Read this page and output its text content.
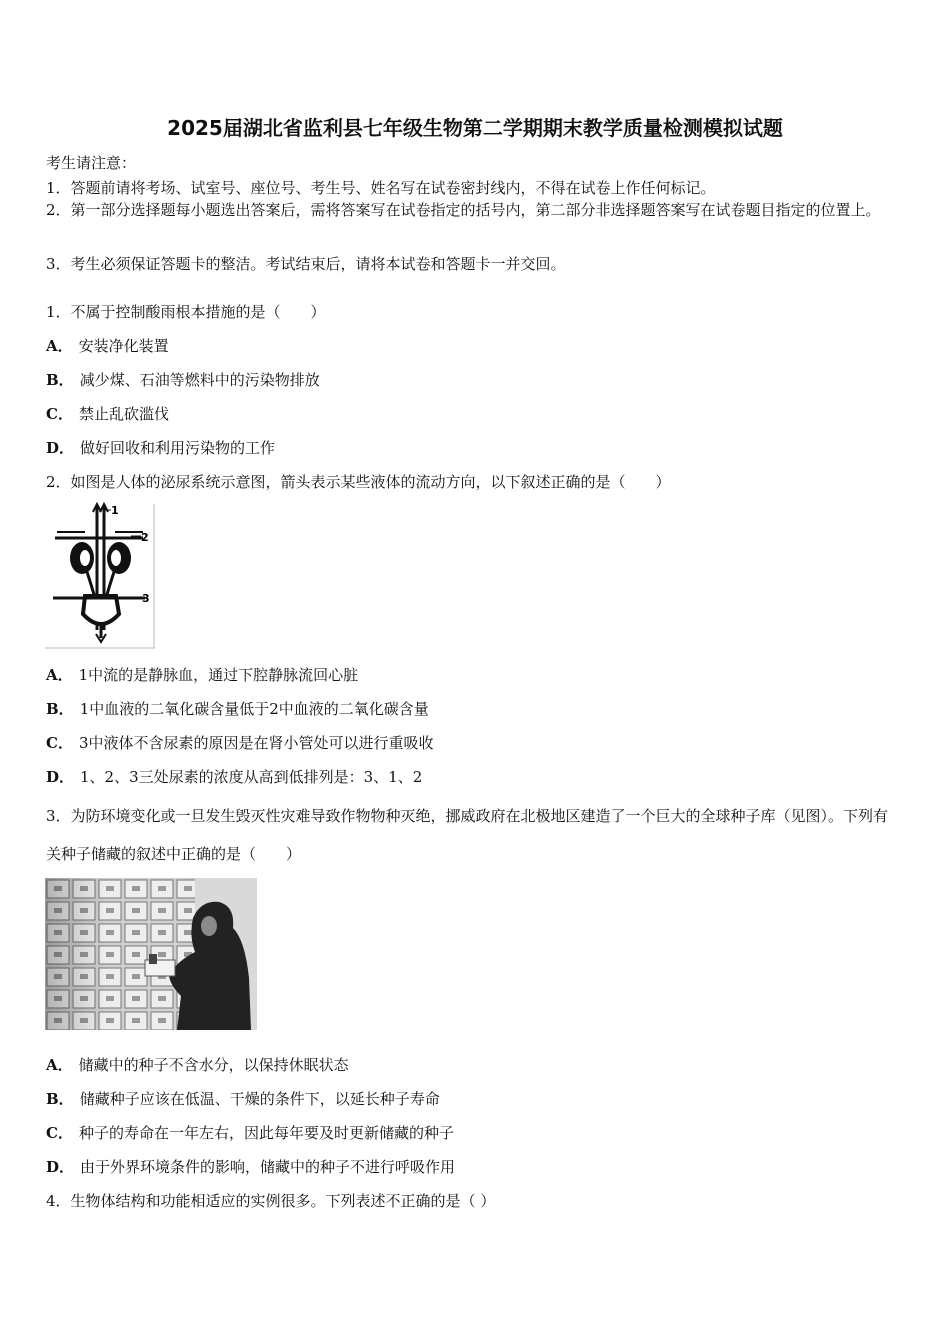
2025届湖北省监利县七年级生物第二学期期末教学质量检测模拟试题
考生请注意：
1．答题前请将考场、试室号、座位号、考生号、姓名写在试卷密封线内，不得在试卷上作任何标记。
2．第一部分选择题每小题选出答案后，需将答案写在试卷指定的括号内，第二部分非选择题答案写在试卷题目指定的位置上。
3．考生必须保证答题卡的整洁。考试结束后，请将本试卷和答题卡一并交回。
1．不属于控制酸雨根本措施的是（　　）
A． 安装净化装置
B． 减少煤、石油等燃料中的污染物排放
C． 禁止乱砍滥伐
D． 做好回收和利用污染物的工作
2．如图是人体的泌尿系统示意图，箭头表示某些液体的流动方向，以下叙述正确的是（　　）
1
2
3
A． 1中流的是静脉血，通过下腔静脉流回心脏
B． 1中血液的二氧化碳含量低于2中血液的二氧化碳含量
C． 3中液体不含尿素的原因是在肾小管处可以进行重吸收
D． 1、2、3三处尿素的浓度从高到低排列是：3、1、2
3．为防环境变化或一旦发生毁灭性灾难导致作物物种灭绝，挪威政府在北极地区建造了一个巨大的全球种子库（见图）。下列有关种子储藏的叙述中正确的是（　　）
A． 储藏中的种子不含水分，以保持休眠状态
B． 储藏种子应该在低温、干燥的条件下，以延长种子寿命
C． 种子的寿命在一年左右，因此每年要及时更新储藏的种子
D． 由于外界环境条件的影响，储藏中的种子不进行呼吸作用
4．生物体结构和功能相适应的实例很多。下列表述不正确的是（ ）
